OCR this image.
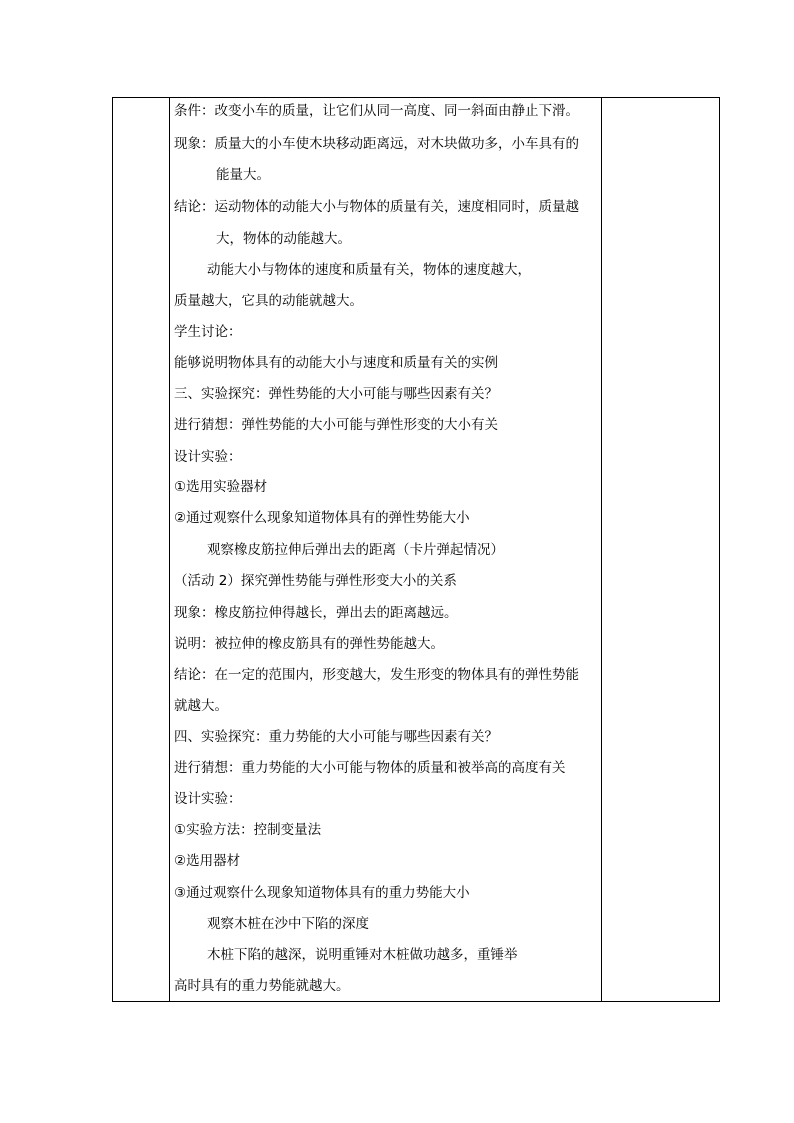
条件：改变小车的质量，让它们从同一高度、同一斜面由静止下滑。
现象：质量大的小车使木块移动距离远，对木块做功多，小车具有的
能量大。
结论：运动物体的动能大小与物体的质量有关，速度相同时，质量越
大，物体的动能越大。
动能大小与物体的速度和质量有关，物体的速度越大，
质量越大，它具的动能就越大。
学生讨论：
能够说明物体具有的动能大小与速度和质量有关的实例
三、实验探究：弹性势能的大小可能与哪些因素有关？
进行猜想：弹性势能的大小可能与弹性形变的大小有关
设计实验：
①选用实验器材
②通过观察什么现象知道物体具有的弹性势能大小
观察橡皮筋拉伸后弹出去的距离（卡片弹起情况）
（活动 2）探究弹性势能与弹性形变大小的关系
现象：橡皮筋拉伸得越长，弹出去的距离越远。
说明：被拉伸的橡皮筋具有的弹性势能越大。
结论：在一定的范围内，形变越大，发生形变的物体具有的弹性势能
就越大。
四、实验探究：重力势能的大小可能与哪些因素有关？
进行猜想：重力势能的大小可能与物体的质量和被举高的高度有关
设计实验：
①实验方法：控制变量法
②选用器材
③通过观察什么现象知道物体具有的重力势能大小
观察木桩在沙中下陷的深度
木桩下陷的越深，说明重锤对木桩做功越多，重锤举
高时具有的重力势能就越大。
